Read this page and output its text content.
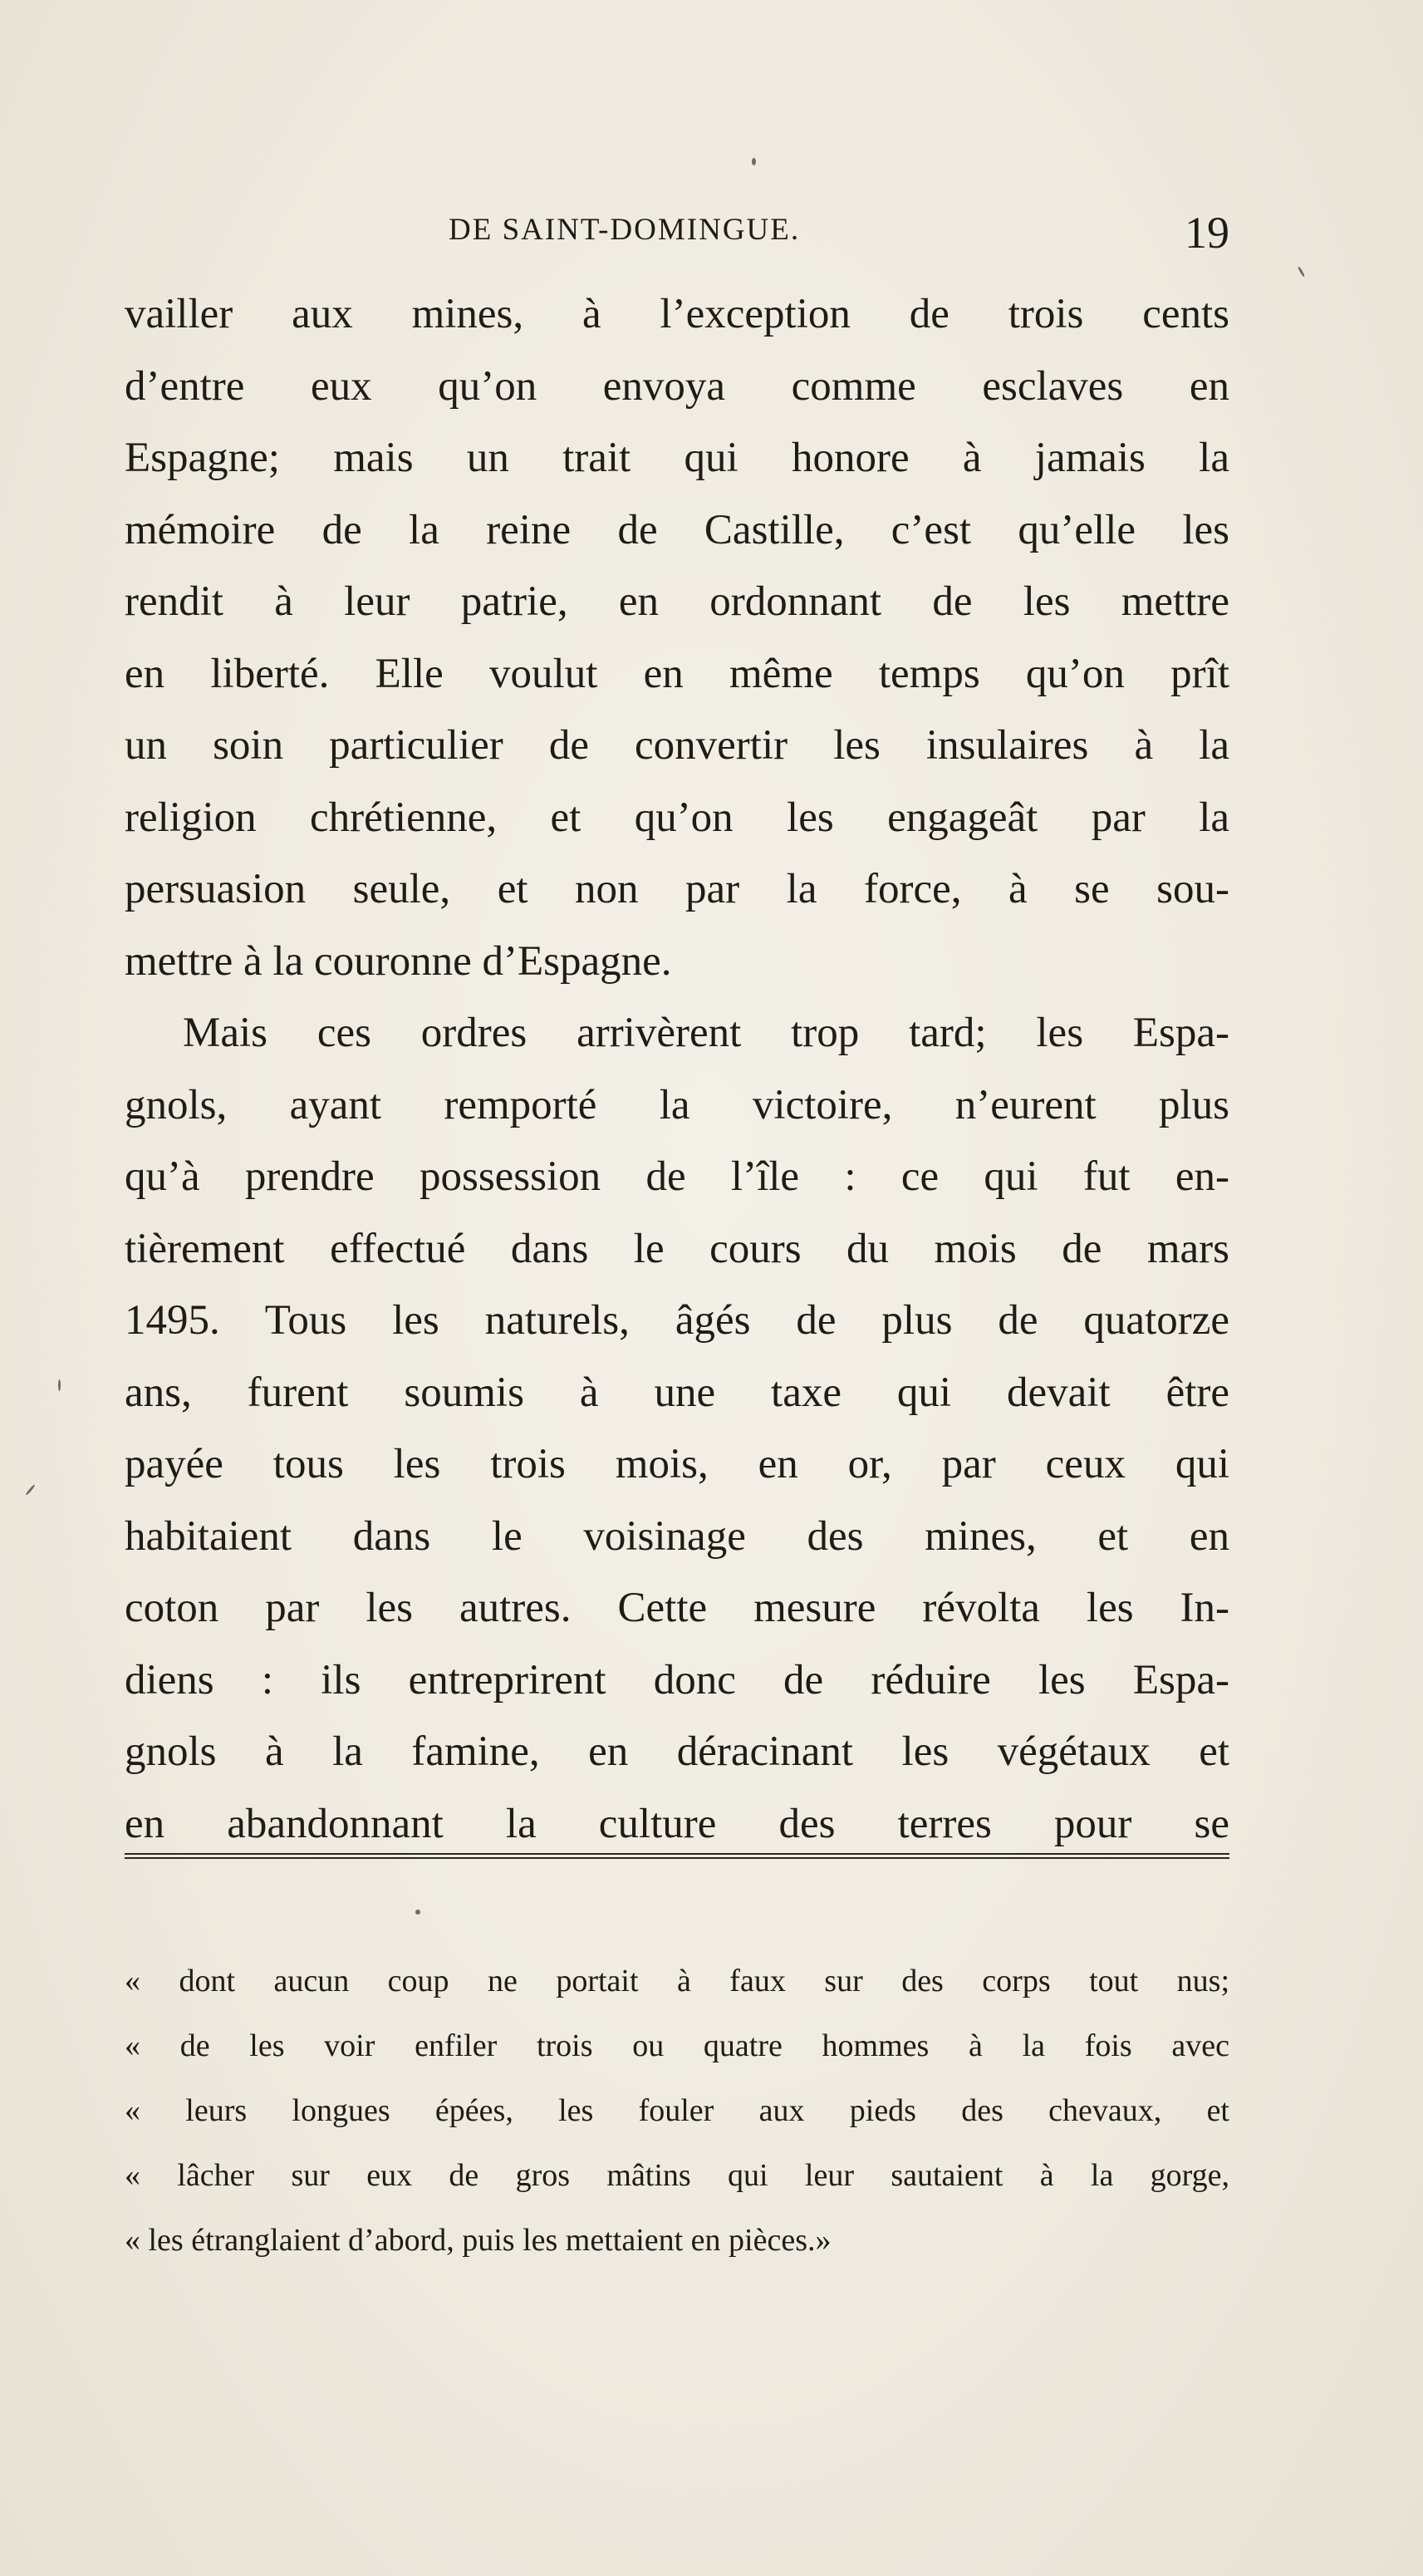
DE SAINT-DOMINGUE.	19
vailler aux mines, à l’exception de trois cents
d’entre eux qu’on envoya comme esclaves en
Espagne; mais un trait qui honore à jamais la
mémoire de la reine de Castille, c’est qu’elle les
rendit à leur patrie, en ordonnant de les mettre
en liberté. Elle voulut en même temps qu’on prît
un soin particulier de convertir les insulaires à la
religion chrétienne, et qu’on les engageât par la
persuasion seule, et non par la force, à se sou-
mettre à la couronne d’Espagne.
Mais ces ordres arrivèrent trop tard; les Espa-
gnols, ayant remporté la victoire, n’eurent plus
qu’à prendre possession de l’île : ce qui fut en-
tièrement effectué dans le cours du mois de mars
1495. Tous les naturels, âgés de plus de quatorze
ans, furent soumis à une taxe qui devait être
payée tous les trois mois, en or, par ceux qui
habitaient dans le voisinage des mines, et en
coton par les autres. Cette mesure révolta les In-
diens : ils entreprirent donc de réduire les Espa-
gnols à la famine, en déracinant les végétaux et
en abandonnant la culture des terres pour se
« dont aucun coup ne portait à faux sur des corps tout nus;
« de les voir enfiler trois ou quatre hommes à la fois avec
« leurs longues épées, les fouler aux pieds des chevaux, et
« lâcher sur eux de gros mâtins qui leur sautaient à la gorge,
« les étranglaient d’abord, puis les mettaient en pièces.»
